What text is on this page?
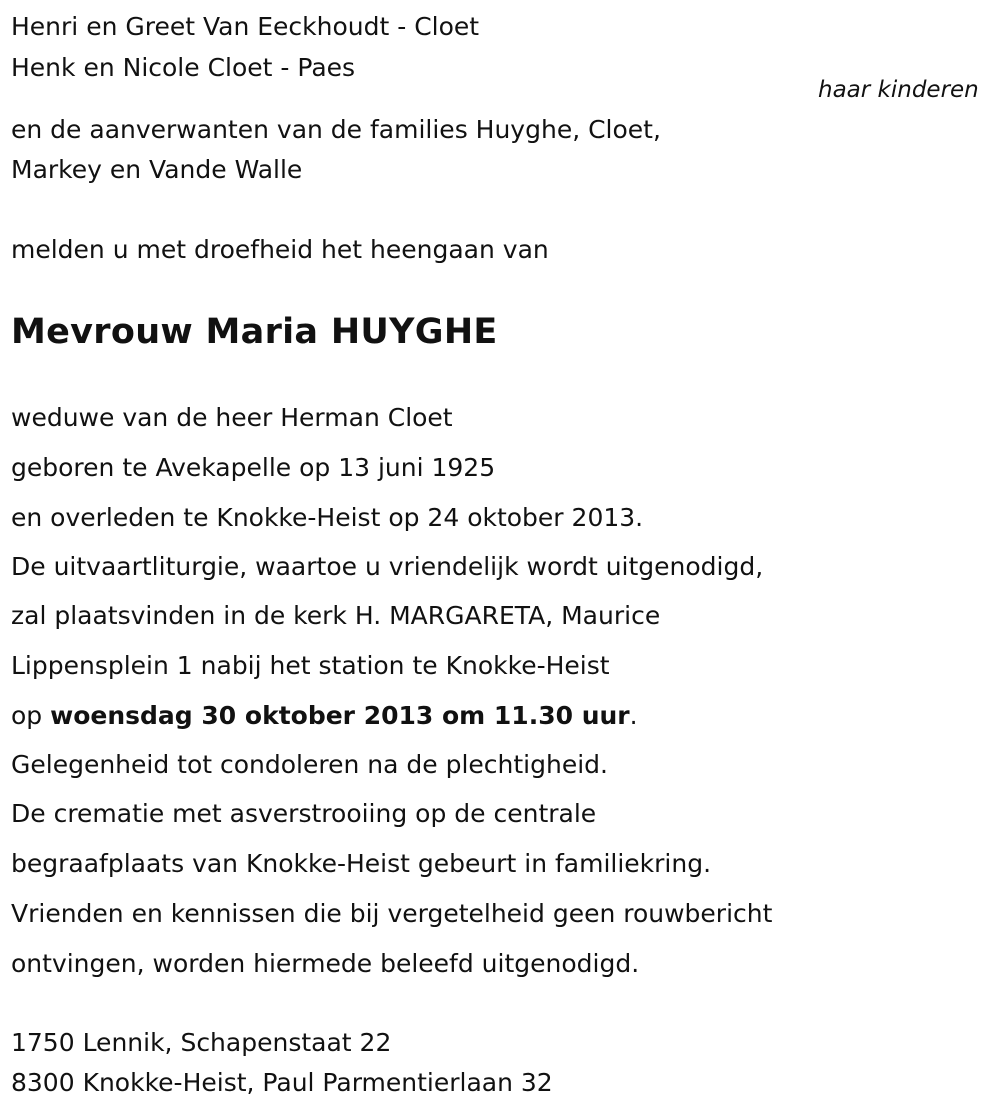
Henri en Greet Van Eeckhoudt - Cloet
Henk en Nicole Cloet - Paes
haar kinderen
en de aanverwanten van de families Huyghe, Cloet,
Markey en Vande Walle
melden u met droefheid het heengaan van
Mevrouw Maria HUYGHE
weduwe van de heer Herman Cloet
geboren te Avekapelle op 13 juni 1925
en overleden te Knokke-Heist op 24 oktober 2013.
De uitvaartliturgie, waartoe u vriendelijk wordt uitgenodigd,
zal plaatsvinden in de kerk H. MARGARETA, Maurice
Lippensplein 1 nabij het station te Knokke-Heist
op woensdag 30 oktober 2013 om 11.30 uur.
Gelegenheid tot condoleren na de plechtigheid.
De crematie met asverstrooiing op de centrale
begraafplaats van Knokke-Heist gebeurt in familiekring.
Vrienden en kennissen die bij vergetelheid geen rouwbericht
ontvingen, worden hiermede beleefd uitgenodigd.
1750 Lennik, Schapenstaat 22
8300 Knokke-Heist, Paul Parmentierlaan 32
